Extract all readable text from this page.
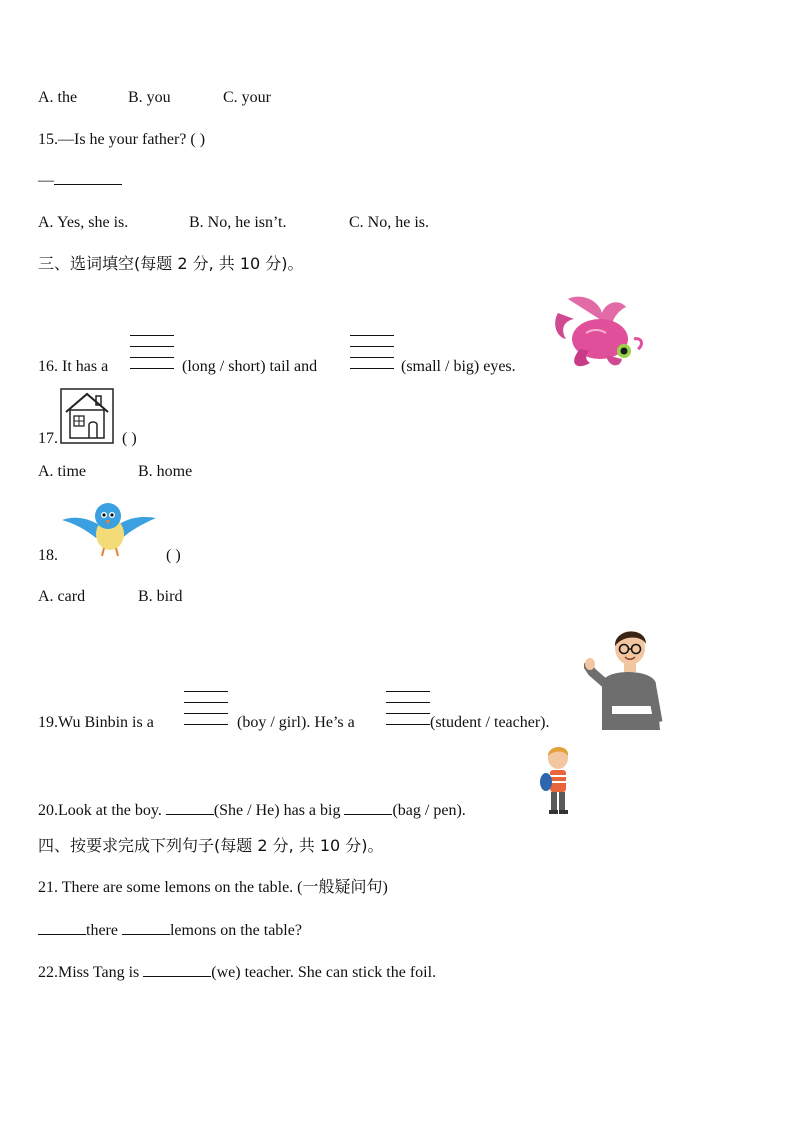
A. the	B. you	C. your
15.—Is he your father? ( )
—
A. Yes, she is.	B. No, he isn’t.	C. No, he is.
三、选词填空(每题 2 分, 共 10 分)。
16. It has a	(long / short) tail and	(small / big) eyes.
17.	( )
A. time	B. home
18.	( )
A. card	B. bird
19.Wu Binbin is a	(boy / girl). He’s a	(student / teacher).
20.Look at the boy.	(She / He) has a big	(bag / pen).
四、按要求完成下列句子(每题 2 分, 共 10 分)。
21. There are some lemons on the table. (一般疑问句)
there	lemons on the table?
22.Miss Tang is	(we) teacher. She can stick the foil.
